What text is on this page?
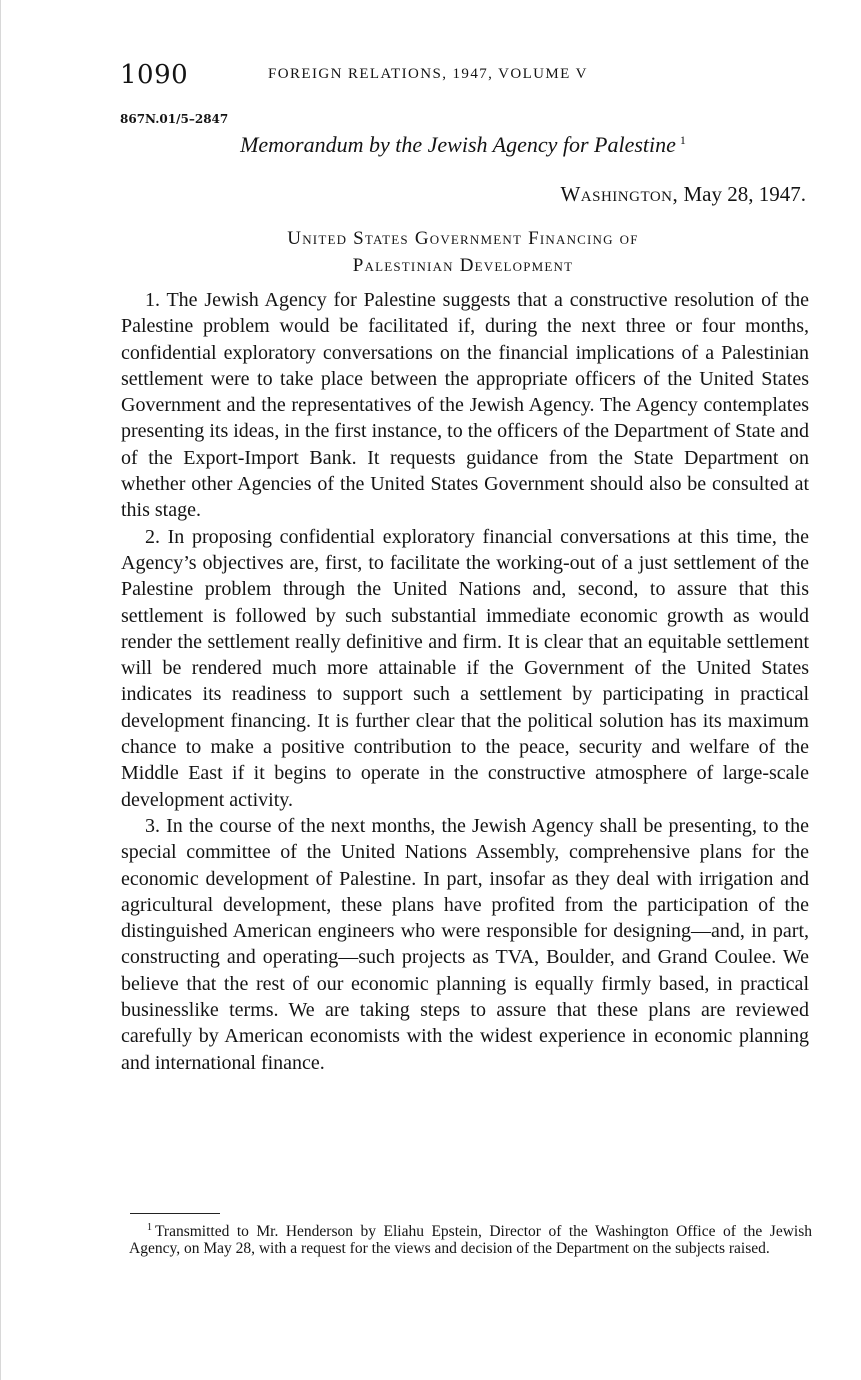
1090	FOREIGN RELATIONS, 1947, VOLUME V
867N.01/5–2847
Memorandum by the Jewish Agency for Palestine $^1$
Washington, May 28, 1947.
United States Government Financing of
Palestinian Development

1. The Jewish Agency for Palestine suggests that a constructive resolution of the Palestine problem would be facilitated if, during the next three or four months, confidential exploratory conversations on the financial implications of a Palestinian settlement were to take place between the appropriate officers of the United States Government and the representatives of the Jewish Agency. The Agency contemplates presenting its ideas, in the first instance, to the officers of the Department of State and of the Export-Import Bank. It requests guidance from the State Department on whether other Agencies of the United States Government should also be consulted at this stage.

2. In proposing confidential exploratory financial conversations at this time, the Agency’s objectives are, first, to facilitate the working-out of a just settlement of the Palestine problem through the United Nations and, second, to assure that this settlement is followed by such substantial immediate economic growth as would render the settlement really definitive and firm. It is clear that an equitable settlement will be rendered much more attainable if the Government of the United States indicates its readiness to support such a settlement by participating in practical development financing. It is further clear that the political solution has its maximum chance to make a positive contribution to the peace, security and welfare of the Middle East if it begins to operate in the constructive atmosphere of large-scale development activity.

3. In the course of the next months, the Jewish Agency shall be presenting, to the special committee of the United Nations Assembly, comprehensive plans for the economic development of Palestine. In part, insofar as they deal with irrigation and agricultural development, these plans have profited from the participation of the distinguished American engineers who were responsible for designing—and, in part, constructing and operating—such projects as TVA, Boulder, and Grand Coulee. We believe that the rest of our economic planning is equally firmly based, in practical businesslike terms. We are taking steps to assure that these plans are reviewed carefully by American economists with the widest experience in economic planning and international finance.

$^1$ Transmitted to Mr. Henderson by Eliahu Epstein, Director of the Washington Office of the Jewish Agency, on May 28, with a request for the views and decision of the Department on the subjects raised.
